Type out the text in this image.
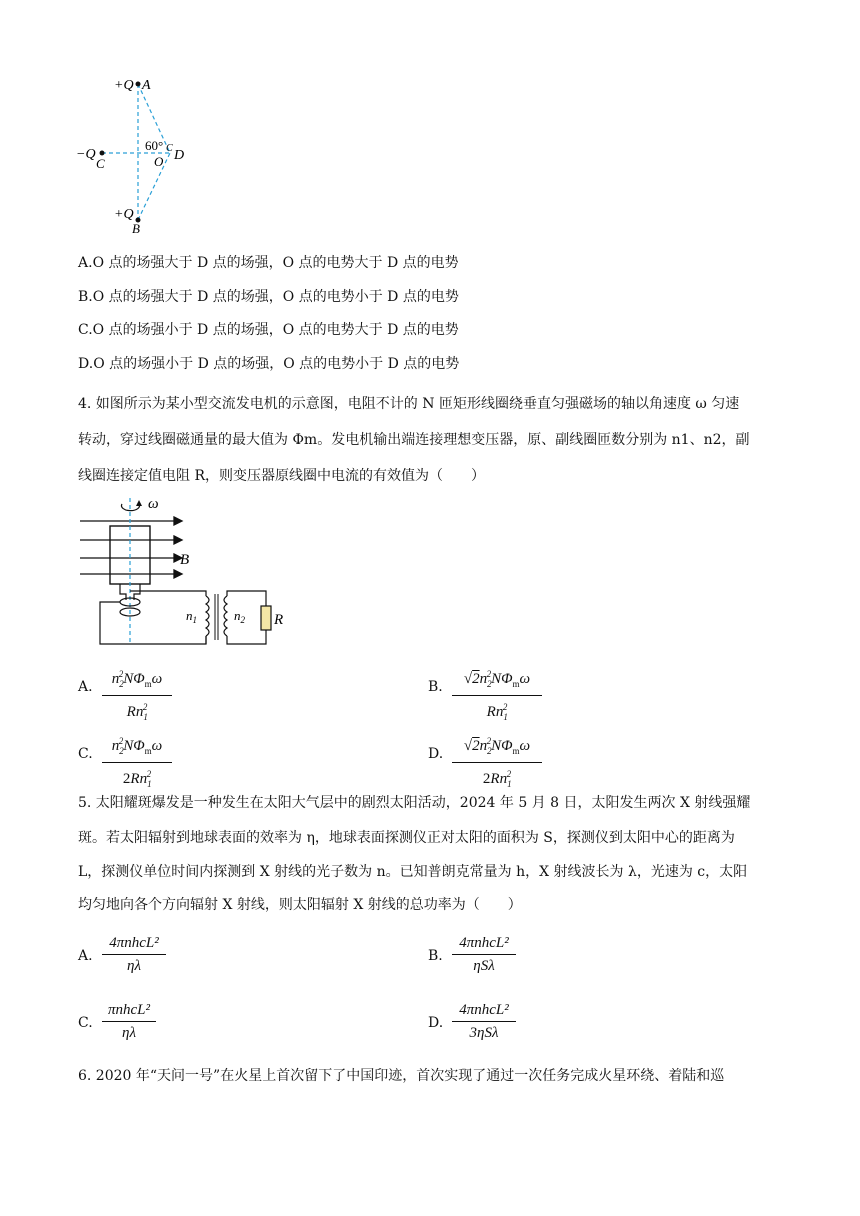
+Q A
−Q
C
60° C D
O
+Q
B
A.O 点的场强大于 D 点的场强，O 点的电势大于 D 点的电势
B.O 点的场强大于 D 点的场强，O 点的电势小于 D 点的电势
C.O 点的场强小于 D 点的场强，O 点的电势大于 D 点的电势
D.O 点的场强小于 D 点的场强，O 点的电势小于 D 点的电势
4. 如图所示为某小型交流发电机的示意图，电阻不计的 N 匝矩形线圈绕垂直匀强磁场的轴以角速度 ω 匀速
转动，穿过线圈磁通量的最大值为 Φm。发电机输出端连接理想变压器，原、副线圈匝数分别为 n1、n2，副
线圈连接定值电阻 R，则变压器原线圈中电流的有效值为（　　）
ω
B
$n_1$	$n_2$ R
A.	$n_2^2N\Phi_m\omega$
$Rn_1^2$
B.	$√2n_2^2N\Phi_m\omega$
$Rn_1^2$
C.	$n_2^2N\Phi_m\omega$
$2Rn_1^2$
D.	$√2n_2^2N\Phi_m\omega$
$2Rn_1^2$
5. 太阳耀斑爆发是一种发生在太阳大气层中的剧烈太阳活动，2024 年 5 月 8 日，太阳发生两次 X 射线强耀
斑。若太阳辐射到地球表面的效率为 η，地球表面探测仪正对太阳的面积为 S，探测仪到太阳中心的距离为
L，探测仪单位时间内探测到 X 射线的光子数为 n。已知普朗克常量为 h，X 射线波长为 λ，光速为 c，太阳
均匀地向各个方向辐射 X 射线，则太阳辐射 X 射线的总功率为（　　）
A.
4πnhcL²
ηλ
B.
4πnhcL²
ηSλ
C.
πnhcL²
ηλ
D.
4πnhcL²
3ηSλ
6. 2020 年“天问一号”在火星上首次留下了中国印迹，首次实现了通过一次任务完成火星环绕、着陆和巡
